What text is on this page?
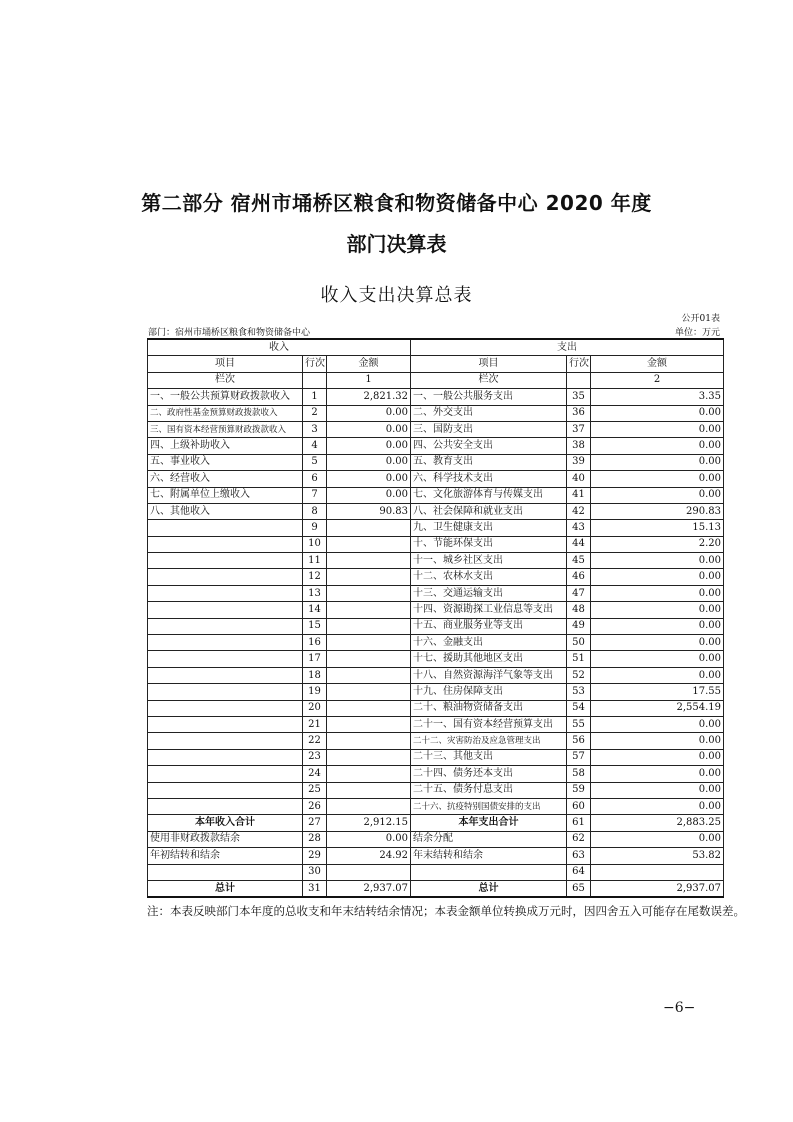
第二部分 宿州市埇桥区粮食和物资储备中心 2020 年度
部门决算表
收入支出决算总表
公开01表
部门：宿州市埇桥区粮食和物资储备中心	单位：万元
收入			支出		
项目	行次	金额	项目	行次	金额
栏次		1	栏次		2
一、一般公共预算财政拨款收入	1	2,821.32	一、一般公共服务支出	35	3.35
二、政府性基金预算财政拨款收入	2	0.00	二、外交支出	36	0.00
三、国有资本经营预算财政拨款收入	3	0.00	三、国防支出	37	0.00
四、上级补助收入	4	0.00	四、公共安全支出	38	0.00
五、事业收入	5	0.00	五、教育支出	39	0.00
六、经营收入	6	0.00	六、科学技术支出	40	0.00
七、附属单位上缴收入	7	0.00	七、文化旅游体育与传媒支出	41	0.00
八、其他收入	8	90.83	八、社会保障和就业支出	42	290.83
	9		九、卫生健康支出	43	15.13
	10		十、节能环保支出	44	2.20
	11		十一、城乡社区支出	45	0.00
	12		十二、农林水支出	46	0.00
	13		十三、交通运输支出	47	0.00
	14		十四、资源勘探工业信息等支出	48	0.00
	15		十五、商业服务业等支出	49	0.00
	16		十六、金融支出	50	0.00
	17		十七、援助其他地区支出	51	0.00
	18		十八、自然资源海洋气象等支出	52	0.00
	19		十九、住房保障支出	53	17.55
	20		二十、粮油物资储备支出	54	2,554.19
	21		二十一、国有资本经营预算支出	55	0.00
	22		二十二、灾害防治及应急管理支出	56	0.00
	23		二十三、其他支出	57	0.00
	24		二十四、债务还本支出	58	0.00
	25		二十五、债务付息支出	59	0.00
	26		二十六、抗疫特别国债安排的支出	60	0.00
本年收入合计	27	2,912.15	本年支出合计	61	2,883.25
使用非财政拨款结余	28	0.00	结余分配	62	0.00
年初结转和结余	29	24.92	年末结转和结余	63	53.82
	30			64	
总计	31	2,937.07	总计	65	2,937.07
注：本表反映部门本年度的总收支和年末结转结余情况；本表金额单位转换成万元时，因四舍五入可能存在尾数误差。
−6−
